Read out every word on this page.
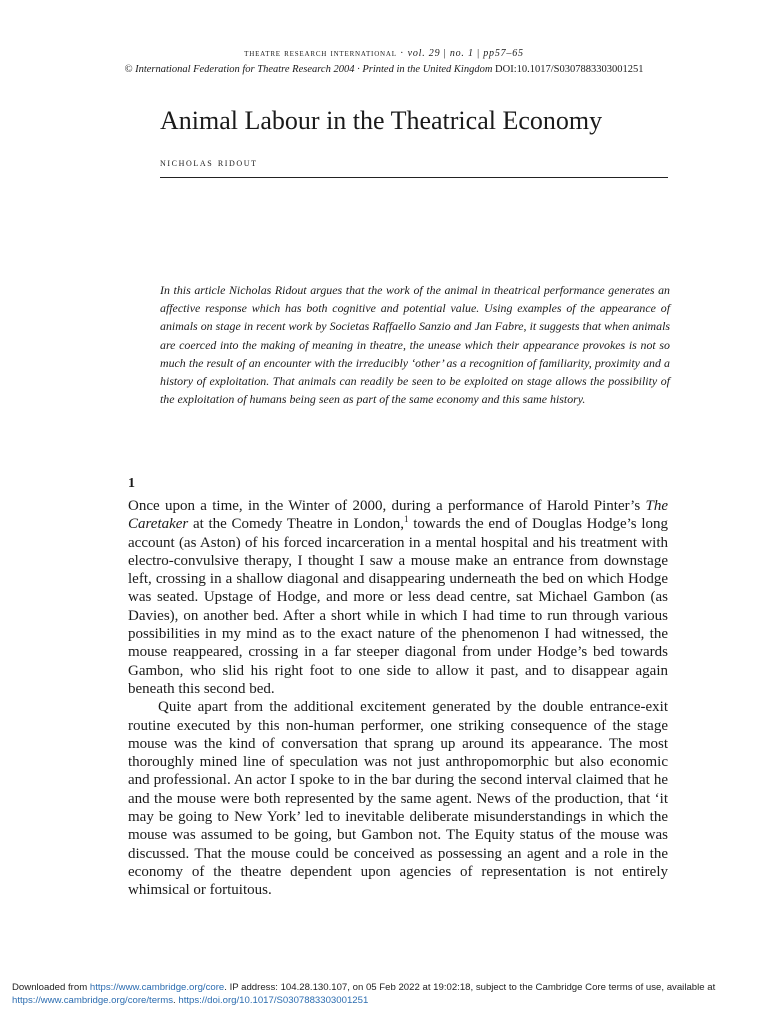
theatre research international · vol. 29 | no. 1 | pp57–65
© International Federation for Theatre Research 2004 · Printed in the United Kingdom DOI:10.1017/S0307883303001251
Animal Labour in the Theatrical Economy
nicholas ridout

In this article Nicholas Ridout argues that the work of the animal in theatrical performance generates an affective response which has both cognitive and potential value. Using examples of the appearance of animals on stage in recent work by Societas Raffaello Sanzio and Jan Fabre, it suggests that when animals are coerced into the making of meaning in theatre, the unease which their appearance provokes is not so much the result of an encounter with the irreducibly ‘other’ as a recognition of familiarity, proximity and a history of exploitation. That animals can readily be seen to be exploited on stage allows the possibility of the exploitation of humans being seen as part of the same economy and this same history.

1

Once upon a time, in the Winter of 2000, during a performance of Harold Pinter’s The Caretaker at the Comedy Theatre in London,$^1$ towards the end of Douglas Hodge’s long account (as Aston) of his forced incarceration in a mental hospital and his treatment with electro-convulsive therapy, I thought I saw a mouse make an entrance from downstage left, crossing in a shallow diagonal and disappearing underneath the bed on which Hodge was seated. Upstage of Hodge, and more or less dead centre, sat Michael Gambon (as Davies), on another bed. After a short while in which I had time to run through various possibilities in my mind as to the exact nature of the phenomenon I had witnessed, the mouse reappeared, crossing in a far steeper diagonal from under Hodge’s bed towards Gambon, who slid his right foot to one side to allow it past, and to disappear again beneath this second bed.

Quite apart from the additional excitement generated by the double entrance-exit routine executed by this non-human performer, one striking consequence of the stage mouse was the kind of conversation that sprang up around its appearance. The most thoroughly mined line of speculation was not just anthropomorphic but also economic and professional. An actor I spoke to in the bar during the second interval claimed that he and the mouse were both represented by the same agent. News of the production, that ‘it may be going to New York’ led to inevitable deliberate misunderstandings in which the mouse was assumed to be going, but Gambon not. The Equity status of the mouse was discussed. That the mouse could be conceived as possessing an agent and a role in the economy of the theatre dependent upon agencies of representation is not entirely whimsical or fortuitous.

Downloaded from https://www.cambridge.org/core. IP address: 104.28.130.107, on 05 Feb 2022 at 19:02:18, subject to the Cambridge Core terms of use, available at
https://www.cambridge.org/core/terms. https://doi.org/10.1017/S0307883303001251
